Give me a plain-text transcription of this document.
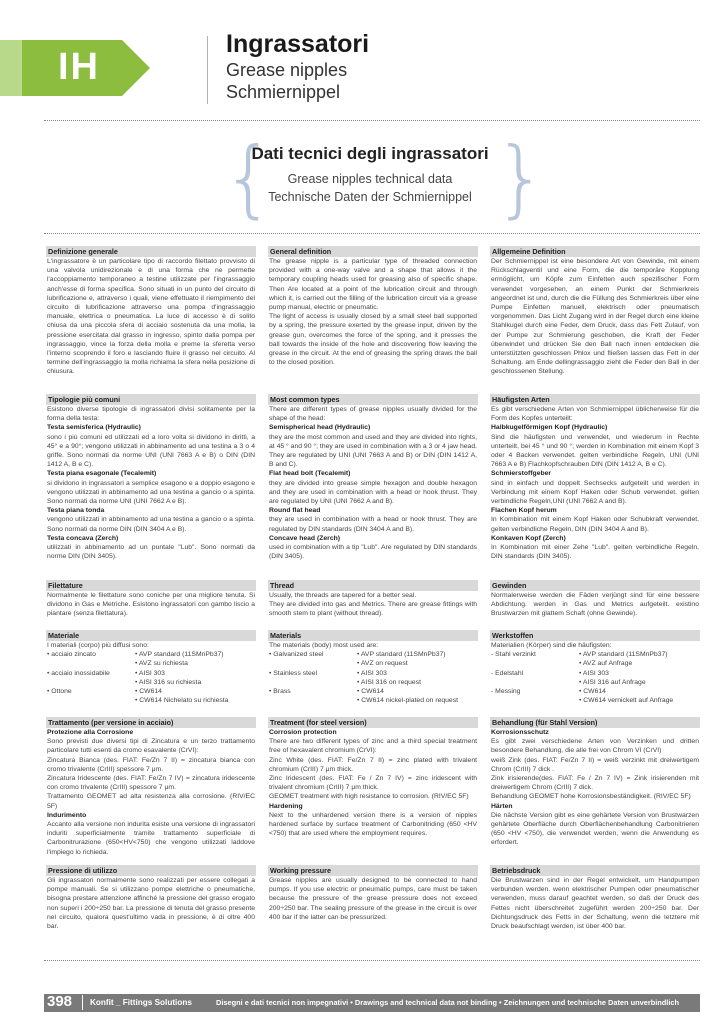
IH
Ingrassatori
Grease nipples
Schmiernippel
{	}
Dati tecnici degli ingrassatori
Grease nipples technical data
Technische Daten der Schmiernippel
Definizione generale
L'ingrassatore è un particolare tipo di raccordo filettato provvisto di una valvola unidirezionale e di una forma che ne permette l'accoppiamento temporaneo a testine utilizzate per l'ingrassaggio anch'esse di forma specifica. Sono situati in un punto del circuito di lubrificazione e, attraverso i quali, viene effettuato il riempimento del circuito di lubrificazione attraverso una pompa d'ingrassaggio manuale, elettrica o pneumatica. La luce di accesso è di solito chiusa da una piccola sfera di acciaio sostenuta da una molla, la pressione esercitata dal grasso in ingresso, spinto dalla pompa per ingrassaggio, vince la forza della molla e preme la sferetta verso l'interno scoprendo il foro e lasciando fluire il grasso nel circuito. Al termine dell'ingrassaggio la molla richiama la sfera nella posizione di chiusura.
Tipologie più comuni
Esistono diverse tipologie di ingrassatori divisi solitamente per la forma della testa:
Testa semisferica (Hydraulic)
sono i più comuni ed utilizzati ed a loro volta si dividono in diritti, a 45° e a 90°; vengono utilizzati in abbinamento ad una testina a 3 o 4 griffe. Sono normati da norme UNI (UNI 7663 A e B) o DIN (DIN 1412 A, B e C).
Testa piana esagonale (Tecalemit)
si dividono in ingrassatori a semplice esagono e a doppio esagono e vengono utilizzati in abbinamento ad una testina a gancio o a spinta. Sono normati da norme UNI (UNI 7662 A e B).
Testa piana tonda
vengono utilizzati in abbinamento ad una testina a gancio o a spinta. Sono normati da norme DIN (DIN 3404 A e B).
Testa concava (Zerch)
utilizzati in abbinamento ad un puntale "Lub". Sono normati da norme DIN (DIN 3405).
Filettature
Normalmente le filettature sono coniche per una migliore tenuta. Si dividono in Gas e Metriche. Esistono ingrassatori con gambo liscio a piantare (senza filettatura).
Materiale
I materiali (corpo) più diffusi sono:
• acciaio zincato	• AVP standard (11SMnPb37)
• AVZ su richiesta
• acciaio inossidabile	• AISI 303
• AISI 316 su richiesta
• Ottone	• CW614
• CW614 Nichelato su richiesta
Trattamento (per versione in acciaio)
Protezione alla Corrosione
Sono previsti due diversi tipi di Zincatura e un terzo trattamento particolare tutti esenti da cromo esavalente (CrVI):
Zincatura Bianca (des. FIAT: Fe/Zn 7 II) = zincatura bianca con cromo trivalente (CrIII) spessore 7 μm.
Zincatura Iridescente (des. FIAT: Fe/Zn 7 IV) = zincatura iridescente con cromo trivalente (CrIII) spessore 7 μm.
Trattamento GEOMET ad alta resistenza alla corrosione. (RIV/EC 5F)
Indurimento
Accanto alla versione non indurita esiste una versione di ingrassatori induriti superficialmente tramite trattamento superficiale di Carbonitrurazione (650<HV<750) che vengono utilizzati laddove l'impiego lo richieda.
Pressione di utilizzo
Gli ingrassatori normalmente sono realizzati per essere collegati a pompe manuali. Se si utilizzano pompe elettriche o pneumatiche, bisogna prestare attenzione affinché la pressione del grasso erogato non superi i 200÷250 bar. La pressione di tenuta del grasso presente nel circuito, qualora quest'ultimo vada in pressione, è di oltre 400 bar.
General definition
The grease nipple is a particular type of threaded connection provided with a one-way valve and a shape that allows it the temporary coupling heads used for greasing also of specific shape. Then Are located at a point of the lubrication circuit and through which it, is carried out the filling of the lubrication circuit via a grease pump manual, electric or pneumatic.
The light of access is usually closed by a small steel ball supported by a spring, the pressure exerted by the grease input, driven by the grease gun, overcomes the force of the spring, and it presses the ball towards the inside of the hole and discovering flow leaving the grease in the circuit. At the end of greasing the spring draws the ball to the closed position.
Most common types
There are different types of grease nipples usually divided for the shape of the head:
Semispherical head (Hydraulic)
they are the most common and used and they are divided into rights, at 45 ° and 90 °; they are used in combination with a 3 or 4 jaw head. They are regulated by UNI (UNI 7663 A and B) or DIN (DIN 1412 A, B and C).
Flat head bolt (Tecalemit)
they are divided into grease simple hexagon and double hexagon and they are used in combination with a head or hook thrust. They are regulated by UNI (UNI 7662 A and B).
Round flat head
they are used in combination with a head or hook thrust. They are regulated by DIN standards (DIN 3404 A and B).
Concave head (Zerch)
used in combination with a tip "Lub". Are regulated by DIN standards (DIN 3405).
Thread
Usually, the threads are tapered for a better seal.
They are divided into gas and Metrics. There are grease fittings with smooth stem to plant (without thread).
Materials
The materials (body) most used are:
• Galvanized steel	• AVP standard (11SMnPb37)
• AVZ on request
• Stainless steel	• AISI 303
• AISI 316 on request
• Brass	• CW614
• CW614 nickel-plated on request
Treatment (for steel version)
Corrosion protection
There are two different types of zinc and a third special treatment free of hexavalent chromium (CrVI):
Zinc White (des. FIAT: Fe/Zn 7 II) = zinc plated with trivalent chromium (CrIII) 7 μm thick.
Zinc Iridescent (des. FIAT: Fe / Zn 7 IV) = zinc iridescent with trivalent chromium (CrIII) 7 μm thick.
GEOMET treatment with high resistance to corrosion. (RIV/EC 5F)
Hardening
Next to the unhardened version there is a version of nipples hardened surface by surface treatment of Carbonitriding (650 <HV <750) that are used where the employment requires.
Working pressure
Grease nipples are usually designed to be connected to hand pumps. If you use electric or pneumatic pumps, care must be taken because the pressure of the grease pressure does not exceed 200÷250 bar. The sealing pressure of the grease in the circuit is over 400 bar if the latter can be pressurized.
Allgemeine Definition
Der Schmiernippel ist eine besondere Art von Gewinde, mit einem Rückschlagventil und eine Form, die die temporäre Kopplung ermöglicht, um Köpfe zum Einfetten auch spezifischer Form verwendet vorgesehen, an einem Punkt der Schmierkreis angeordnet ist und, durch die die Füllung des Schmierkreis über eine Pumpe Einfetten manuell, elektrisch oder pneumatisch vorgenommen. Das Licht Zugang wird in der Regel durch eine kleine Stahlkugel durch eine Feder, dem Druck, dass das Fett Zulauf, von der Pumpe zur Schmierung geschoben, die Kraft der Feder überwindet und drücken Sie den Ball nach innen entdecken die unterstützten geschlossen Phlox und fließen lassen das Fett in der Schaltung. am Ende dellingrassaggio zieht die Feder den Ball in der geschlossenen Stellung.
Häufigsten Arten
Es gibt verschiedene Arten von Schmiernippel üblicherweise für die Form des Kopfes unterteilt:
Halbkugelförmigen Kopf (Hydraulic)
Sind die häufigsten und verwendet, und wiederum in Rechte unterteilt, bei 45 ° und 90 °; werden in Kombination mit einem Kopf 3 oder 4 Backen verwendet. gelten verbindliche Regeln, UNI (UNI 7663 A e B) Flachkopfschrauben DIN (DIN 1412 A, B e C).
Schmierstoffgeber
sind in einfach und doppelt Sechsecks aufgeteilt und werden in Verbindung mit einem Kopf Haken oder Schub verwendet. gelten verbindliche Regeln,UNI (UNI 7662 A and B).
Flachen Kopf herum
In Kombination mit einem Kopf Haken oder Schubkraft verwendet. gelten verbindliche Regeln, DIN (DIN 3404 A and B).
Konkaven Kopf (Zerch)
In Kombination mit einer Zehe "Lub". gelten verbindliche Regeln, DIN standards (DIN 3405).
Gewinden
Normalerweise werden die Fäden verjüngt sind für eine bessere Abdichtung. werden in Gas und Metrics aufgeteilt. existino Brustwarzen mit glattem Schaft (ohne Gewinde).
Werkstoffen
Materialien (Körper) sind die häufigsten:
- Stahl verzinkt	• AVP standard (11SMnPb37)
• AVZ auf Anfrage
- Edelstahl	• AISI 303
• AISI 316 auf Anfrage
- Messing	• CW614
• CW614 vernickelt auf Anfrage
Behandlung (für Stahl Version)
Korrosionsschutz
Es gibt zwei verschiedene Arten von Verzinken und dritten besondere Behandlung, die alle frei von Chrom VI (CrVI)
weiß Zink (des. FIAT: Fe/Zn 7 II) = weiß verzinkt mit dreiwertigem Chrom (CrIII) 7 dick .
Zink irisierende(des. FIAT: Fe / Zn 7 IV) = Zink irisierenden mit dreiwertigem Chrom (CrIII) 7 dick.
Behandlung GEOMET hohe Korrosionsbeständigkeit. (RIV/EC 5F)
Härten
Die nächste Version gibt es eine gehärtete Version von Brustwarzen gehärtete Oberfläche durch Oberflächenbehandlung Carbonitrieren (650 <HV <750), die verwendet werden, wenn die Anwendung es erfordert.
Betriebsdruck
Die Brustwarzen sind in der Regel entwickelt, um Handpumpen verbunden werden. wenn elektrischer Pumpen oder pneumatischer verwenden, muss darauf geachtet werden, so daß der Druck des Fettes nicht überschreitet zugeführt werden 200÷250 bar. Der Dichtungsdruck des Fetts in der Schaltung, wenn die letztere mit Druck beaufschlagt werden, ist über 400 bar.
398 Konfit _ Fittings Solutions	Disegni e dati tecnici non impegnativi • Drawings and technical data not binding • Zeichnungen und technische Daten unverbindlich
